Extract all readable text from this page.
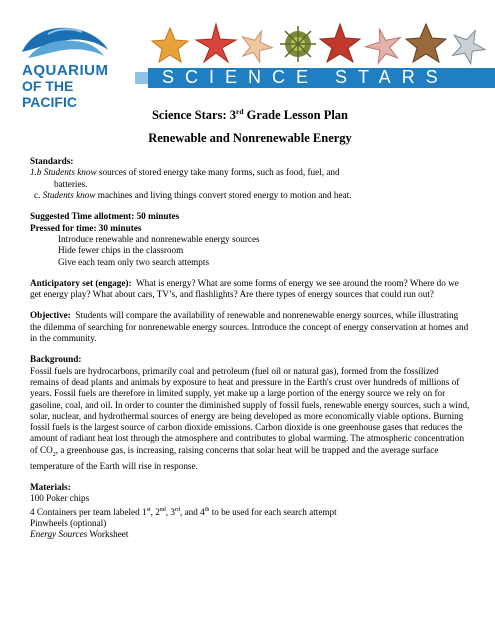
AQUARIUM
OF THE PACIFIC
SCIENCE STARS
Science Stars: 3rd Grade Lesson Plan
Renewable and Nonrenewable Energy

Standards:

1.b Students know sources of stored energy take many forms, such as food, fuel, and

batteries.

c. Students know machines and living things convert stored energy to motion and heat.

Suggested Time allotment: 50 minutes

Pressed for time: 30 minutes

Introduce renewable and nonrenewable energy sources

Hide fewer chips in the classroom

Give each team only two search attempts

Anticipatory set (engage): What is energy? What are some forms of energy we see around the room? Where do we get energy play? What about cars, TV’s, and flashlights? Are there types of energy sources that could run out?

Objective: Students will compare the availability of renewable and nonrenewable energy sources, while illustrating the dilemma of searching for nonrenewable energy sources. Introduce the concept of energy conservation at homes and in the community.

Background:

Fossil fuels are hydrocarbons, primarily coal and petroleum (fuel oil or natural gas), formed from the fossilized remains of dead plants and animals by exposure to heat and pressure in the Earth's crust over hundreds of millions of years. Fossil fuels are therefore in limited supply, yet make up a large portion of the energy source we rely on for gasoline, coal, and oil. In order to counter the diminished supply of fossil fuels, renewable energy sources, such a wind, solar, nuclear, and hydrothermal sources of energy are being developed as more economically viable options. Burning fossil fuels is the largest source of carbon dioxide emissions. Carbon dioxide is one greenhouse gases that reduces the amount of radiant heat lost through the atmosphere and contributes to global warming. The atmospheric concentration of $CO_2$, a greenhouse gas, is increasing, raising concerns that solar heat will be trapped and the average surface temperature of the Earth will rise in response.

Materials:

100 Poker chips

4 Containers per team labeled 1st, 2nd, 3rd, and 4th to be used for each search attempt

Pinwheels (optional)

Energy Sources Worksheet
